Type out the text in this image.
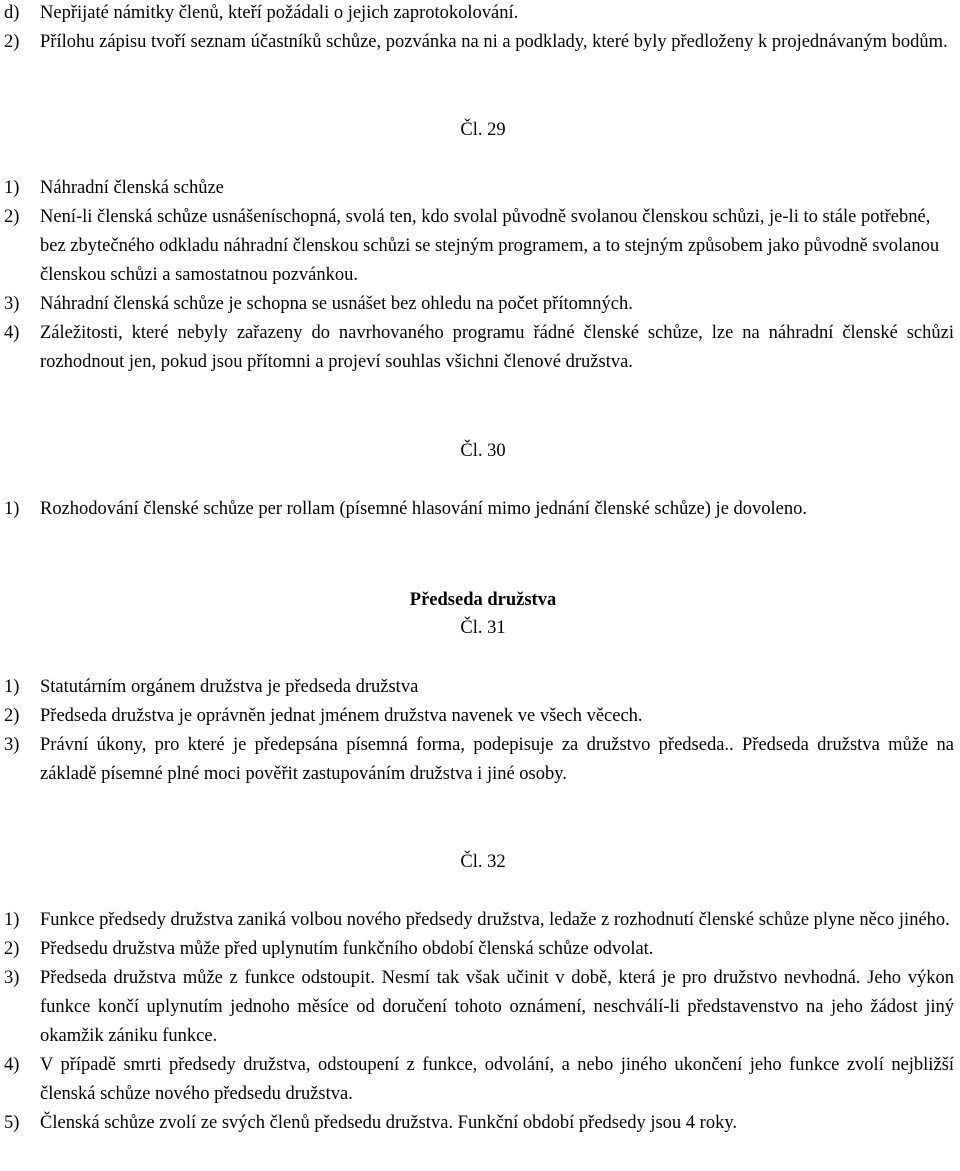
d)	Nepřijaté námitky členů, kteří požádali o jejich zaprotokolování.
2)	Přílohu zápisu tvoří seznam účastníků schůze, pozvánka na ni a podklady, které byly předloženy k projednávaným bodům.
Čl. 29
1)	Náhradní členská schůze
2)	Není-li členská schůze usnášeníschopná, svolá ten, kdo svolal původně svolanou členskou schůzi, je-li to stále potřebné, bez zbytečného odkladu náhradní členskou schůzi se stejným programem, a to stejným způsobem jako původně svolanou členskou schůzi a samostatnou pozvánkou.
3)	Náhradní členská schůze je schopna se usnášet bez ohledu na počet přítomných.
4)	Záležitosti, které nebyly zařazeny do navrhovaného programu řádné členské schůze, lze na náhradní členské schůzi rozhodnout jen, pokud jsou přítomni a projeví souhlas všichni členové družstva.
Čl. 30
1)	Rozhodování členské schůze per rollam (písemné hlasování mimo jednání členské schůze) je dovoleno.
Předseda družstva
Čl. 31
1)	Statutárním orgánem družstva je předseda družstva
2)	Předseda družstva je oprávněn jednat jménem družstva navenek ve všech věcech.
3)	Právní úkony, pro které je předepsána písemná forma, podepisuje za družstvo předseda.. Předseda družstva může na základě písemné plné moci pověřit zastupováním družstva i jiné osoby.
Čl. 32
1)	Funkce předsedy družstva zaniká volbou nového předsedy družstva, ledaže z rozhodnutí členské schůze plyne něco jiného.
2)	Předsedu družstva může před uplynutím funkčního období členská schůze odvolat.
3)	Předseda družstva může z funkce odstoupit. Nesmí tak však učinit v době, která je pro družstvo nevhodná. Jeho výkon funkce končí uplynutím jednoho měsíce od doručení tohoto oznámení, neschválí-li představenstvo na jeho žádost jiný okamžik zániku funkce.
4)	V případě smrti předsedy družstva, odstoupení z funkce, odvolání, a nebo jiného ukončení jeho funkce zvolí nejbližší členská schůze nového předsedu družstva.
5)	Členská schůze zvolí ze svých členů předsedu družstva. Funkční období předsedy jsou 4 roky.
